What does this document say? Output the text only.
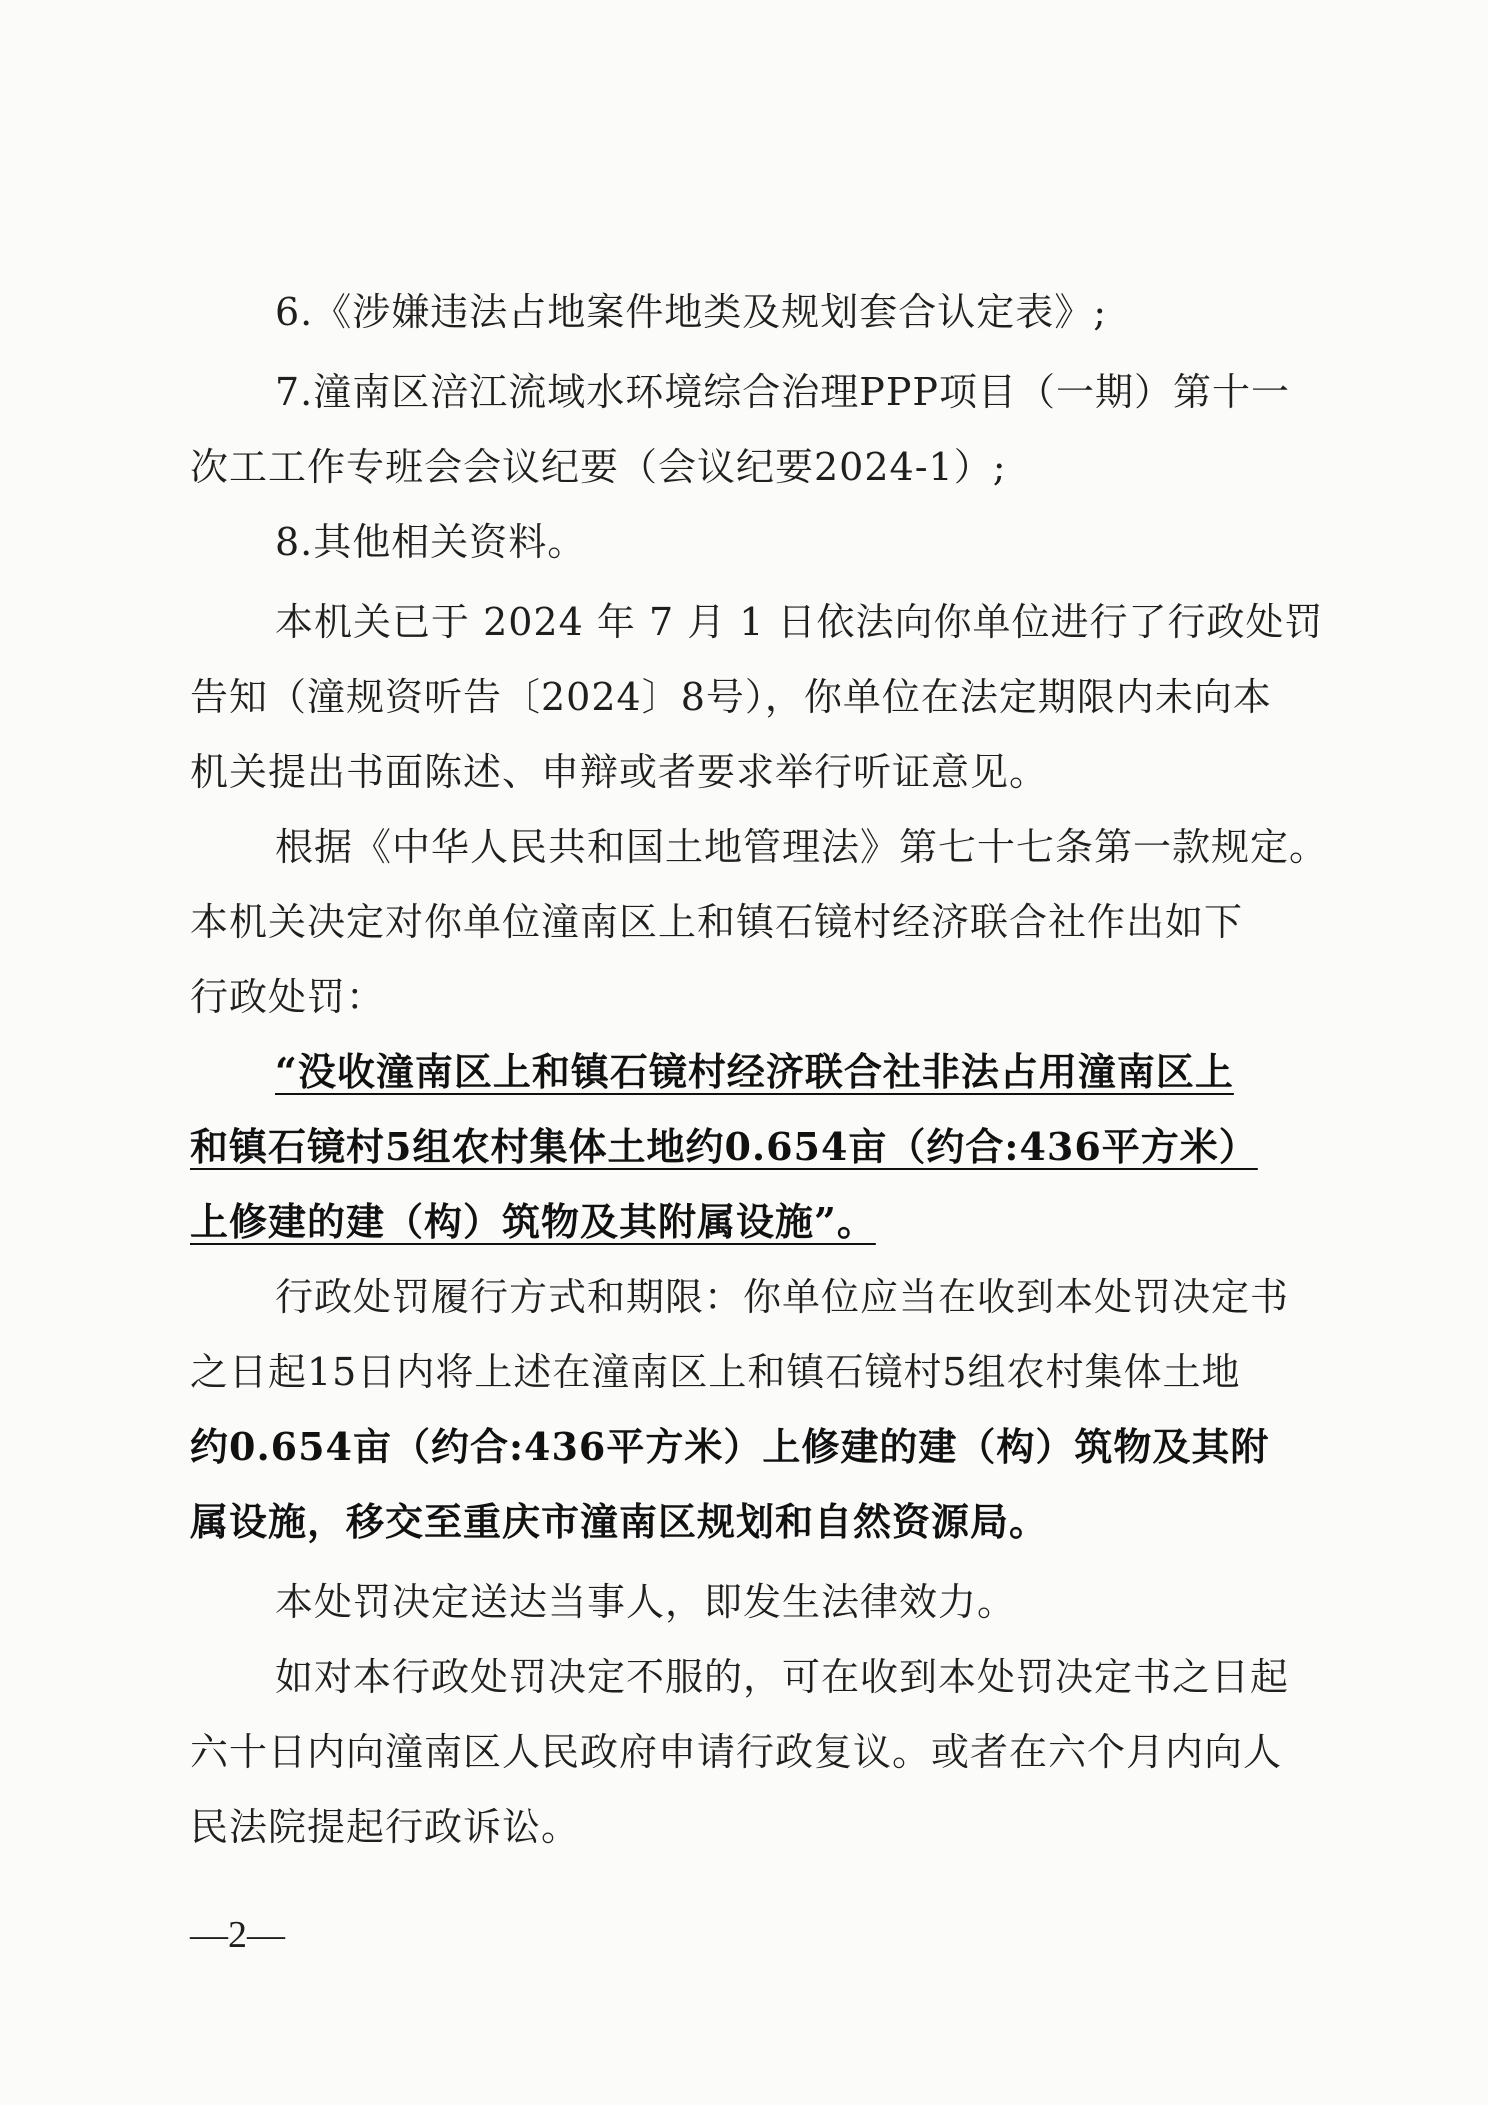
6.《涉嫌违法占地案件地类及规划套合认定表》;
7.潼南区涪江流域水环境综合治理PPP项目（一期）第十一
次工工作专班会会议纪要（会议纪要2024-1）;
8.其他相关资料。
本机关已于 2024 年 7 月 1 日依法向你单位进行了行政处罚
告知（潼规资听告〔2024〕8号），你单位在法定期限内未向本
机关提出书面陈述、申辩或者要求举行听证意见。
根据《中华人民共和国土地管理法》第七十七条第一款规定。
本机关决定对你单位潼南区上和镇石镜村经济联合社作出如下
行政处罚：
“没收潼南区上和镇石镜村经济联合社非法占用潼南区上
和镇石镜村5组农村集体土地约0.654亩（约合:436平方米）
上修建的建（构）筑物及其附属设施”。
行政处罚履行方式和期限：你单位应当在收到本处罚决定书
之日起15日内将上述在潼南区上和镇石镜村5组农村集体土地
约0.654亩（约合:436平方米）上修建的建（构）筑物及其附
属设施，移交至重庆市潼南区规划和自然资源局。
本处罚决定送达当事人，即发生法律效力。
如对本行政处罚决定不服的，可在收到本处罚决定书之日起
六十日内向潼南区人民政府申请行政复议。或者在六个月内向人
民法院提起行政诉讼。
—2—
